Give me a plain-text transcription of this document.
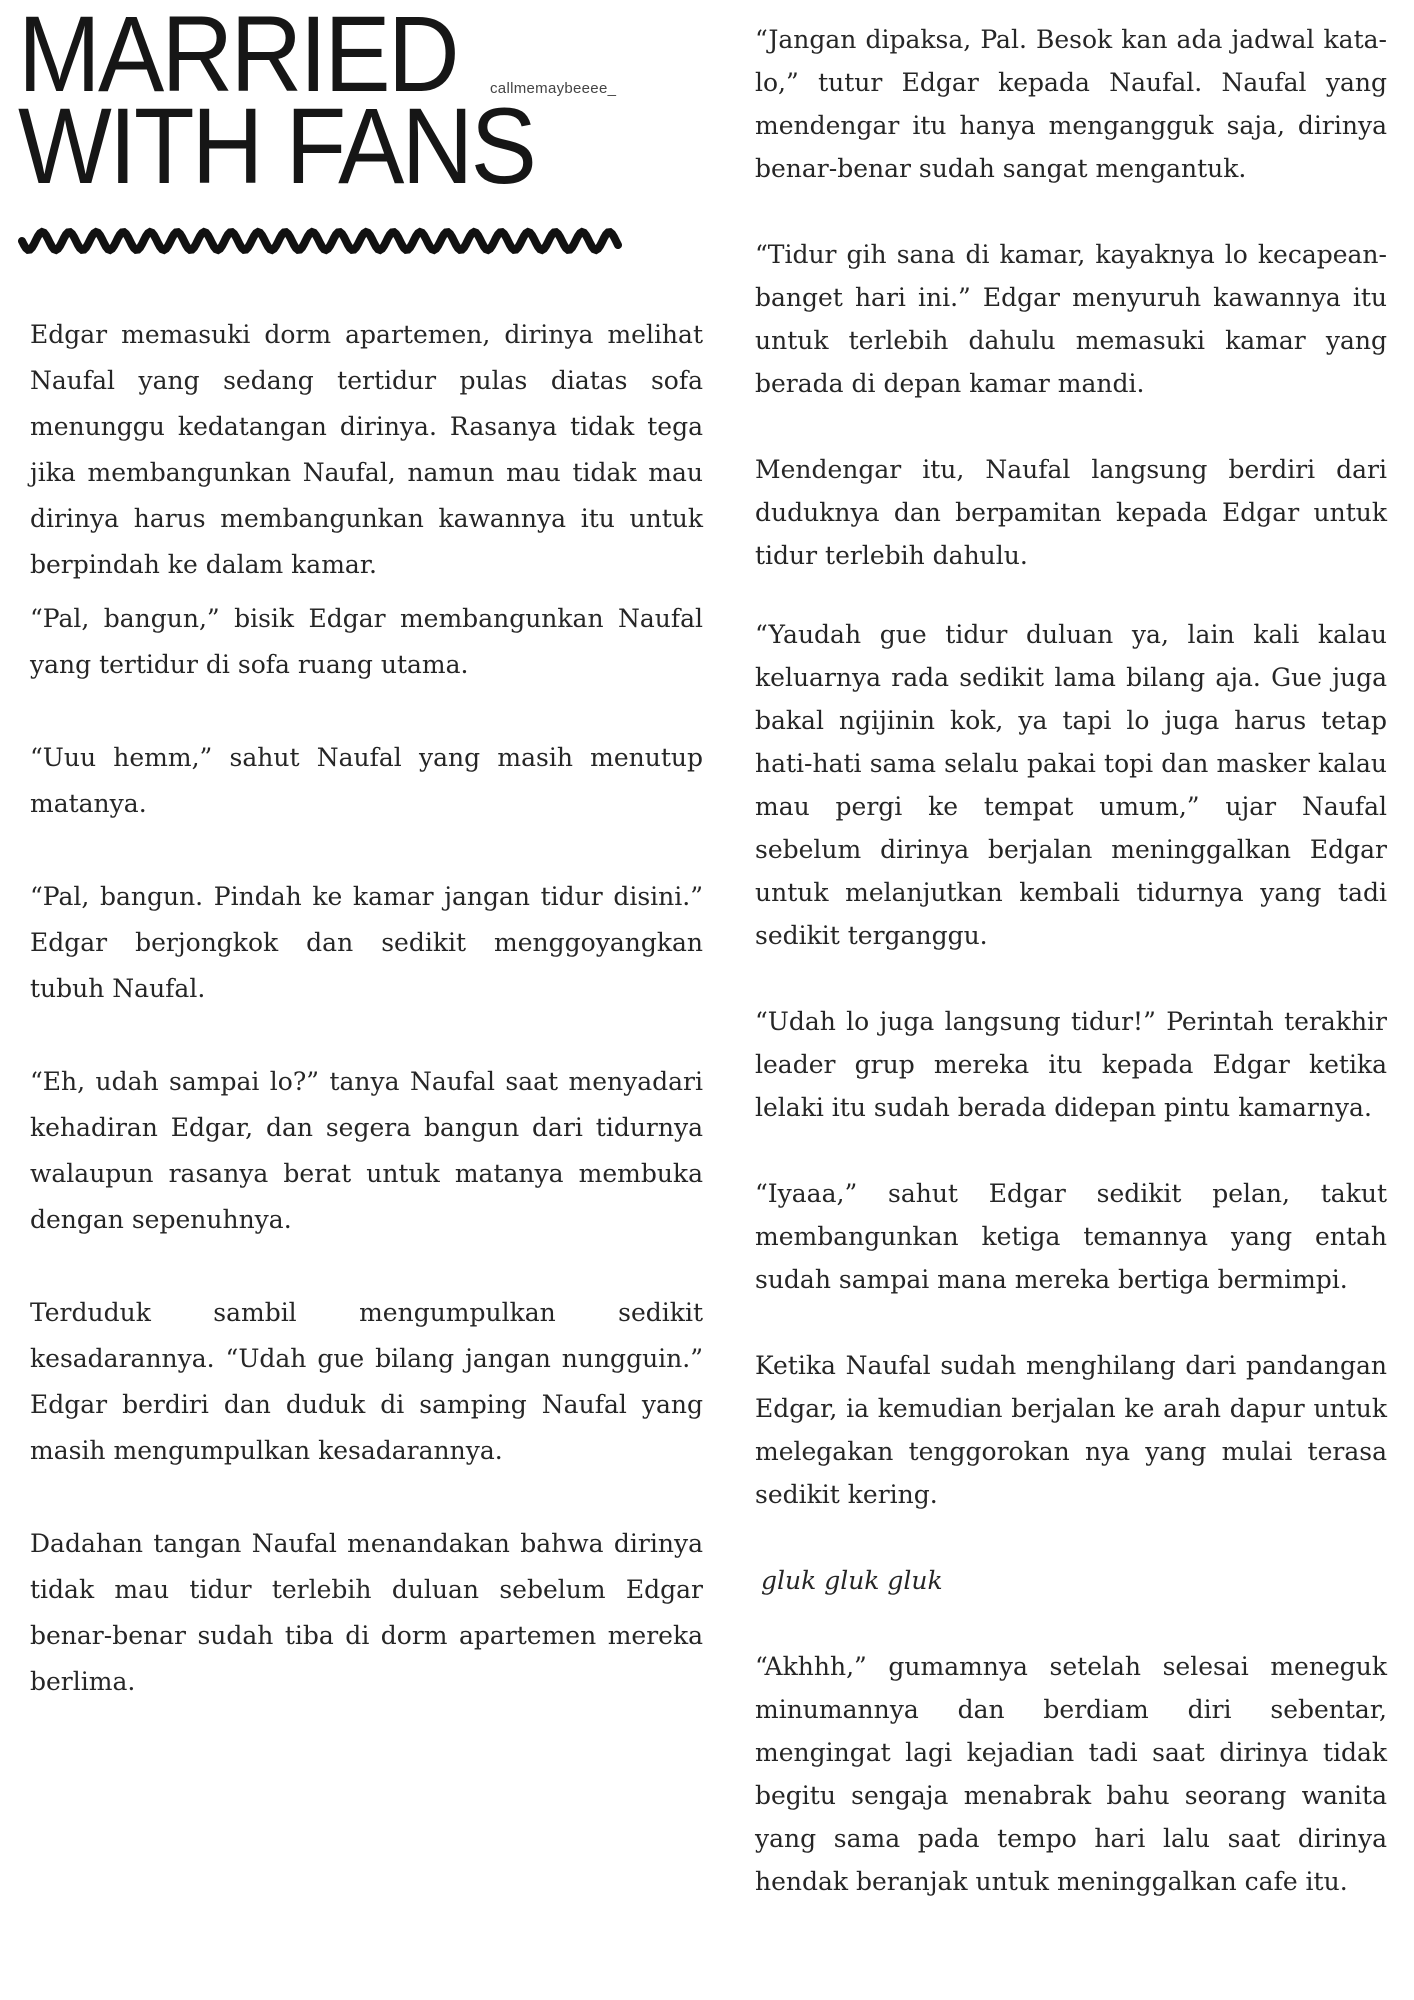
MARRIED
WITH FANS
callmemaybeeee_

Edgar memasuki dorm apartemen, dirinya melihat Naufal yang sedang tertidur pulas diatas sofa menunggu kedatangan dirinya. Rasanya tidak tega jika membangunkan Naufal, namun mau tidak mau dirinya harus membangunkan kawannya itu untuk berpindah ke dalam kamar.

“Pal, bangun,” bisik Edgar membangunkan Naufal yang tertidur di sofa ruang utama.

“Uuu hemm,” sahut Naufal yang masih menutup matanya.

“Pal, bangun. Pindah ke kamar jangan tidur disini.” Edgar berjongkok dan sedikit menggoyangkan tubuh Naufal.

“Eh, udah sampai lo?” tanya Naufal saat menyadari kehadiran Edgar, dan segera bangun dari tidurnya walaupun rasanya berat untuk matanya membuka dengan sepenuhnya.

Terduduk sambil mengumpulkan sedikit kesadarannya. “Udah gue bilang jangan nungguin.” Edgar berdiri dan duduk di samping Naufal yang masih mengumpulkan kesadarannya.

Dadahan tangan Naufal menandakan bahwa dirinya tidak mau tidur terlebih duluan sebelum Edgar benar-benar sudah tiba di dorm apartemen mereka berlima.

“Jangan dipaksa, Pal. Besok kan ada jadwal kata-lo,” tutur Edgar kepada Naufal. Naufal yang mendengar itu hanya mengangguk saja, dirinya benar-benar sudah sangat mengantuk.

“Tidur gih sana di kamar, kayaknya lo kecapean-banget hari ini.” Edgar menyuruh kawannya itu untuk terlebih dahulu memasuki kamar yang berada di depan kamar mandi.

Mendengar itu, Naufal langsung berdiri dari duduknya dan berpamitan kepada Edgar untuk tidur terlebih dahulu.

“Yaudah gue tidur duluan ya, lain kali kalau keluarnya rada sedikit lama bilang aja. Gue juga bakal ngijinin kok, ya tapi lo juga harus tetap hati-hati sama selalu pakai topi dan masker kalau mau pergi ke tempat umum,” ujar Naufal sebelum dirinya berjalan meninggalkan Edgar untuk melanjutkan kembali tidurnya yang tadi sedikit terganggu.

“Udah lo juga langsung tidur!” Perintah terakhir leader grup mereka itu kepada Edgar ketika lelaki itu sudah berada didepan pintu kamarnya.

“Iyaaa,” sahut Edgar sedikit pelan, takut membangunkan ketiga temannya yang entah sudah sampai mana mereka bertiga bermimpi.

Ketika Naufal sudah menghilang dari pandangan Edgar, ia kemudian berjalan ke arah dapur untuk melegakan tenggorokan nya yang mulai terasa sedikit kering.

gluk gluk gluk

“Akhhh,” gumamnya setelah selesai meneguk minumannya dan berdiam diri sebentar, mengingat lagi kejadian tadi saat dirinya tidak begitu sengaja menabrak bahu seorang wanita yang sama pada tempo hari lalu saat dirinya hendak beranjak untuk meninggalkan cafe itu.
